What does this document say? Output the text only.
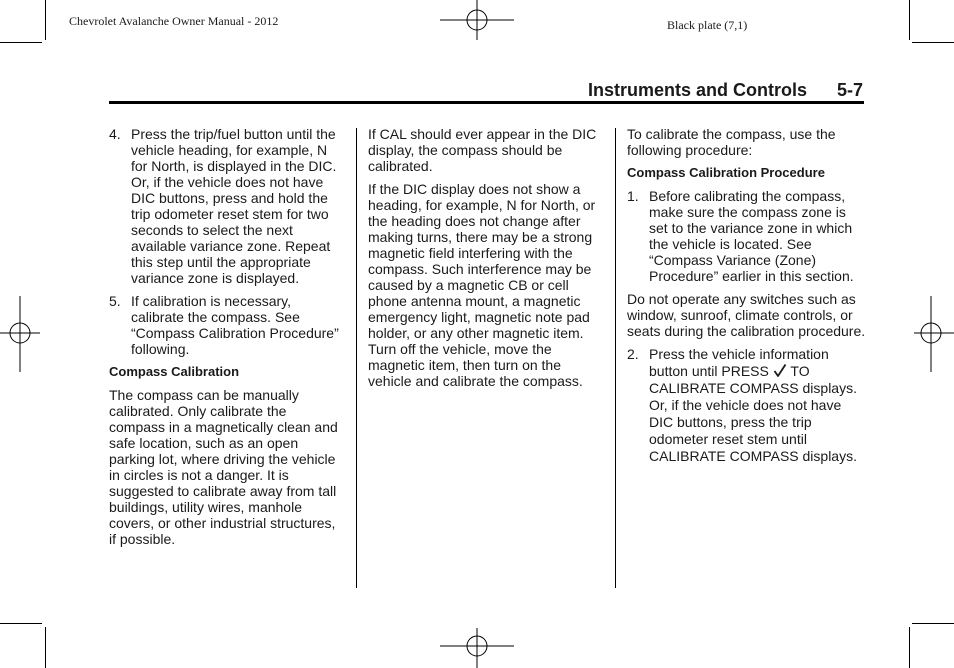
Chevrolet Avalanche Owner Manual - 2012	Black plate (7,1)
Instruments and Controls 5-7
4. Press the trip/fuel button until the vehicle heading, for example, N for North, is displayed in the DIC. Or, if the vehicle does not have DIC buttons, press and hold the trip odometer reset stem for two seconds to select the next available variance zone. Repeat this step until the appropriate variance zone is displayed.
5. If calibration is necessary, calibrate the compass. See “Compass Calibration Procedure” following.
Compass Calibration

The compass can be manually calibrated. Only calibrate the compass in a magnetically clean and safe location, such as an open parking lot, where driving the vehicle in circles is not a danger. It is suggested to calibrate away from tall buildings, utility wires, manhole covers, or other industrial structures, if possible.

If CAL should ever appear in the DIC display, the compass should be calibrated.

If the DIC display does not show a heading, for example, N for North, or the heading does not change after making turns, there may be a strong magnetic field interfering with the compass. Such interference may be caused by a magnetic CB or cell phone antenna mount, a magnetic emergency light, magnetic note pad holder, or any other magnetic item. Turn off the vehicle, move the magnetic item, then turn on the vehicle and calibrate the compass.

To calibrate the compass, use the following procedure:

Compass Calibration Procedure
1. Before calibrating the compass, make sure the compass zone is set to the variance zone in which the vehicle is located. See “Compass Variance (Zone) Procedure” earlier in this section.

Do not operate any switches such as window, sunroof, climate controls, or seats during the calibration procedure.

2. Press the vehicle information button until PRESS TO CALIBRATE COMPASS displays. Or, if the vehicle does not have DIC buttons, press the trip odometer reset stem until CALIBRATE COMPASS displays.
